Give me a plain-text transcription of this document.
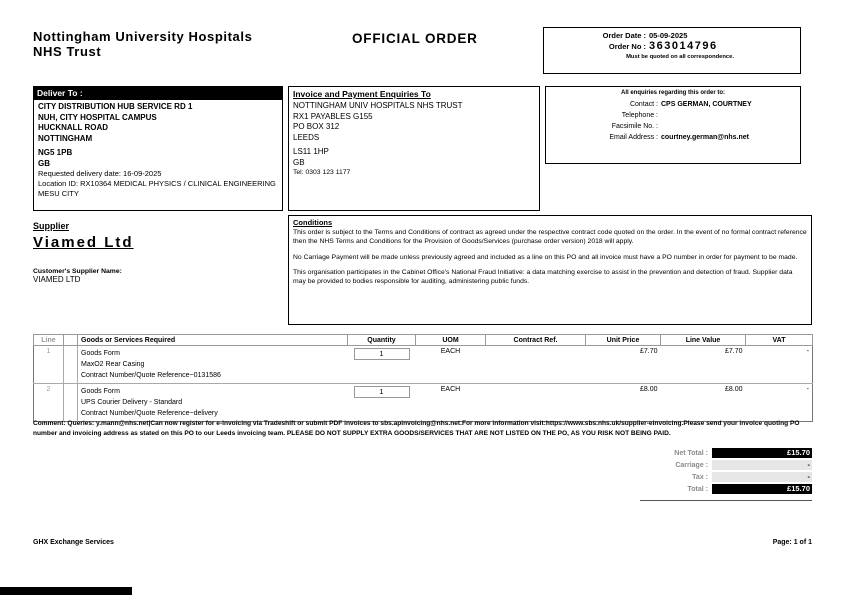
Nottingham University Hospitals
NHS Trust
OFFICIAL ORDER	Order Date : 05-09-2025
Order No : 363014796
Must be quoted on all correspondence.
Deliver To :
CITY DISTRIBUTION HUB SERVICE RD 1
NUH, CITY HOSPITAL CAMPUS
HUCKNALL ROAD
NOTTINGHAM
NG5 1PB
GB
Requested delivery date: 16-09-2025
Location ID: RX10364 MEDICAL PHYSICS / CLINICAL ENGINEERING MESU CITY
Invoice and Payment Enquiries To
NOTTINGHAM UNIV HOSPITALS NHS TRUST
RX1 PAYABLES G155
PO BOX 312
LEEDS
LS11 1HP
GB
Tel: 0303 123 1177
All enquiries regarding this order to:
Contact : CPS GERMAN, COURTNEY
Telephone :
Facsimile No. :
Email Address : courtney.german@nhs.net
Supplier
Viamed Ltd
Customer's Supplier Name:
VIAMED LTD
Conditions
This order is subject to the Terms and Conditions of contract as agreed under the respective contract code quoted on the order. In the event of no formal contract reference then the NHS Terms and Conditions for the Provision of Goods/Services (purchase order version) 2018 will apply.
No Carriage Payment will be made unless previously agreed and included as a line on this PO and all invoice must have a PO number in order for payment to be made.
This organisation participates in the Cabinet Office's National Fraud Initiative: a data matching exercise to assist in the prevention and detection of fraud. Supplier data may be provided to bodies responsible for auditing, administering public funds.
Line		Goods or Services Required	Quantity	UOM	Contract Ref.	Unit Price	Line Value	VAT
1		Goods Form
MaxO2 Rear Casing
Contract Number/Quote Reference~0131586	1	EACH		£7.70	£7.70	-
2		Goods Form
UPS Courier Delivery - Standard
Contract Number/Quote Reference~delivery	1	EACH		£8.00	£8.00	-
Comment: Queries: y.mann@nhs.net|Can now register for e-Invoicing via Tradeshift or submit PDF invoices to sbs.apinvoicing@nhs.net.For more information visit:https://www.sbs.nhs.uk/supplier-einvoicing.Please send your invoice quoting PO number and invoicing address as stated on this PO to our Leeds invoicing team. PLEASE DO NOT SUPPLY EXTRA GOODS/SERVICES THAT ARE NOT LISTED ON THE PO, AS YOU RISK NOT BEING PAID.
Net Total :	£15.70
Carriage :	-
Tax :	-
Total :	£15.70
GHX Exchange Services	Page: 1 of 1
